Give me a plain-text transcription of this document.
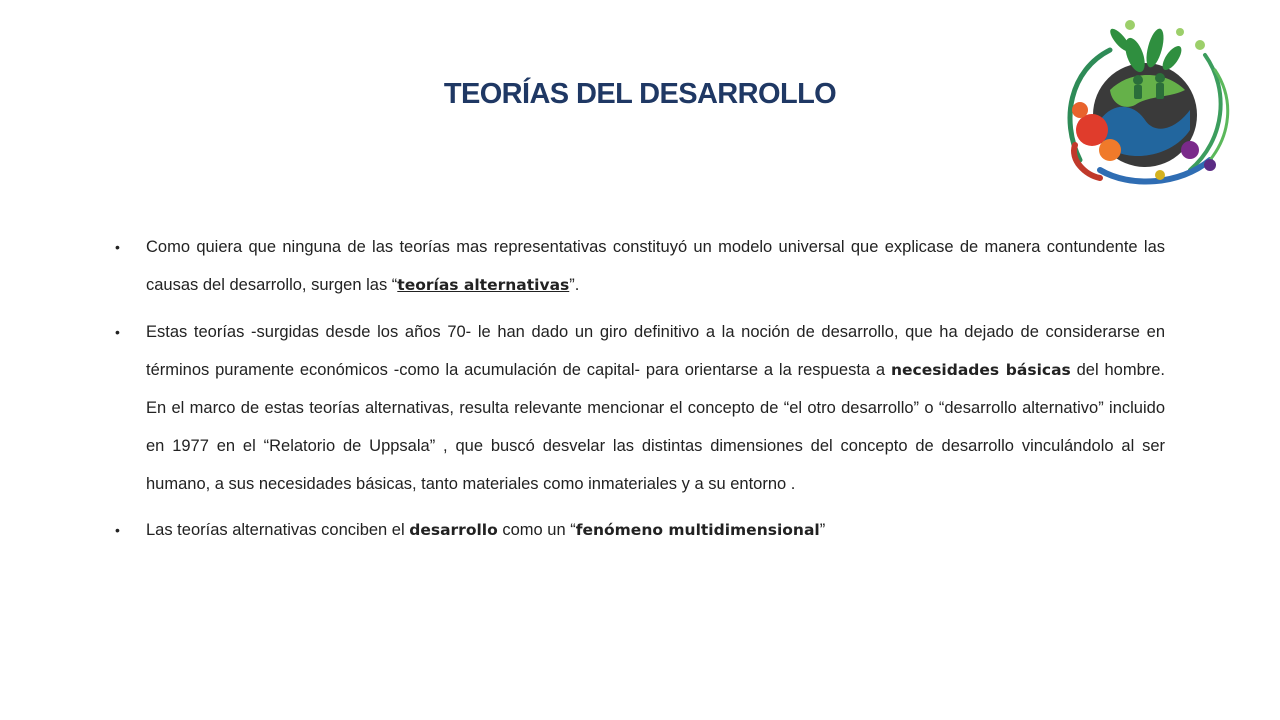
TEORÍAS DEL DESARROLLO
• Como quiera que ninguna de las teorías mas representativas constituyó un modelo universal que explicase de manera contundente las causas del desarrollo, surgen las “teorías alternativas”.
• Estas teorías -surgidas desde los años 70- le han dado un giro definitivo a la noción de desarrollo, que ha dejado de considerarse en términos puramente económicos -como la acumulación de capital- para orientarse a la respuesta a necesidades básicas del hombre. En el marco de estas teorías alternativas, resulta relevante mencionar el concepto de “el otro desarrollo” o “desarrollo alternativo” incluido en 1977 en el “Relatorio de Uppsala” , que buscó desvelar las distintas dimensiones del concepto de desarrollo vinculándolo al ser humano, a sus necesidades básicas, tanto materiales como inmateriales y a su entorno .
• Las teorías alternativas conciben el desarrollo como un “fenómeno multidimensional”
